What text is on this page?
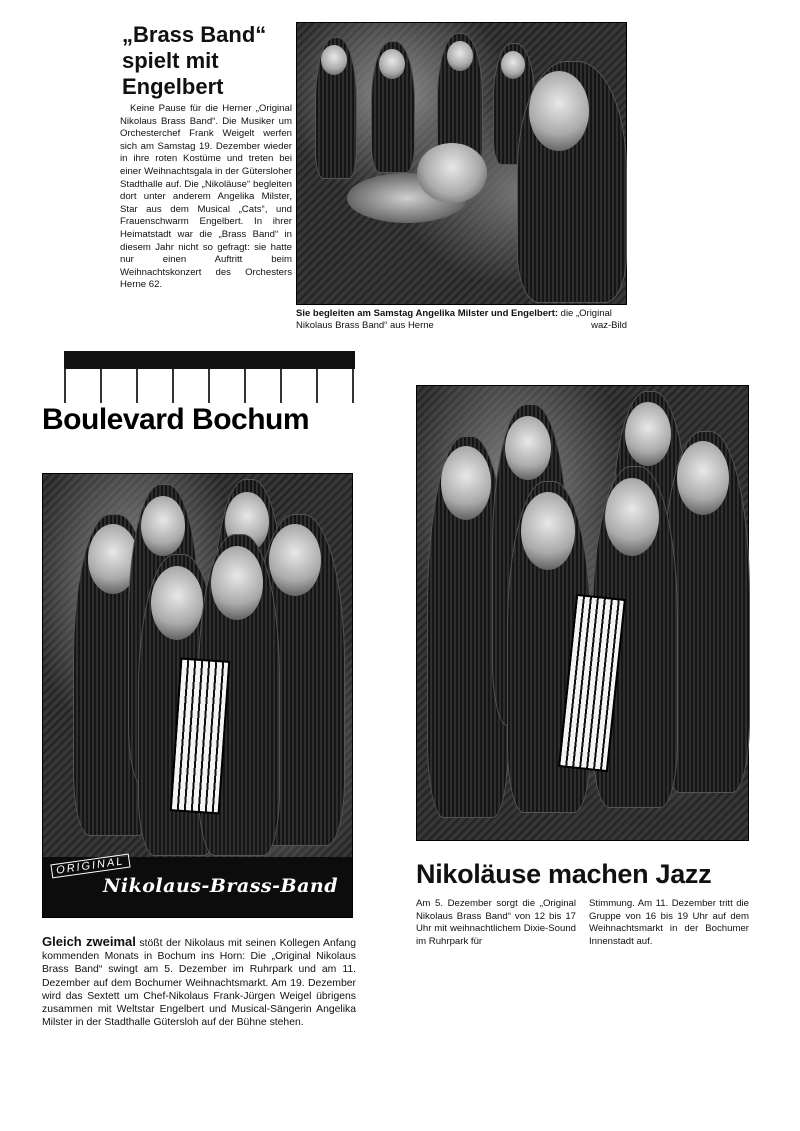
„Brass Band“ spielt mit Engelbert
Keine Pause für die Herner „Original Nikolaus Brass Band“. Die Musiker um Orchesterchef Frank Weigelt werfen sich am Samstag 19. Dezember wieder in ihre roten Kostüme und treten bei einer Weihnachtsgala in der Gütersloher Stadthalle auf. Die „Nikoläuse“ begleiten dort unter anderem Angelika Milster, Star aus dem Musical „Cats“, und Frauenschwarm Engelbert. In ihrer Heimatstadt war die „Brass Band“ in diesem Jahr nicht so gefragt: sie hatte nur einen Auftritt beim Weihnachtskonzert des Orchesters Herne 62.
Sie begleiten am Samstag Angelika Milster und Engelbert: die „Original Nikolaus Brass Band“ aus Herne	waz-Bild
Boulevard Bochum
ORIGINAL
Nikolaus-Brass-Band
Gleich zweimal stößt der Nikolaus mit seinen Kollegen Anfang kommenden Monats in Bochum ins Horn: Die „Original Nikolaus Brass Band“ swingt am 5. Dezember im Ruhrpark und am 11. Dezember auf dem Bochumer Weihnachtsmarkt. Am 19. Dezember wird das Sextett um Chef-Nikolaus Frank-Jürgen Weigel übrigens zusammen mit Weltstar Engelbert und Musical-Sängerin Angelika Milster in der Stadthalle Gütersloh auf der Bühne stehen.
Nikoläuse machen Jazz
Am 5. Dezember sorgt die „Original Nikolaus Brass Band“ von 12 bis 17 Uhr mit weihnachtlichem Dixie-Sound im Ruhrpark für
Stimmung. Am 11. Dezember tritt die Gruppe von 16 bis 19 Uhr auf dem Weihnachtsmarkt in der Bochumer Innenstadt auf.
